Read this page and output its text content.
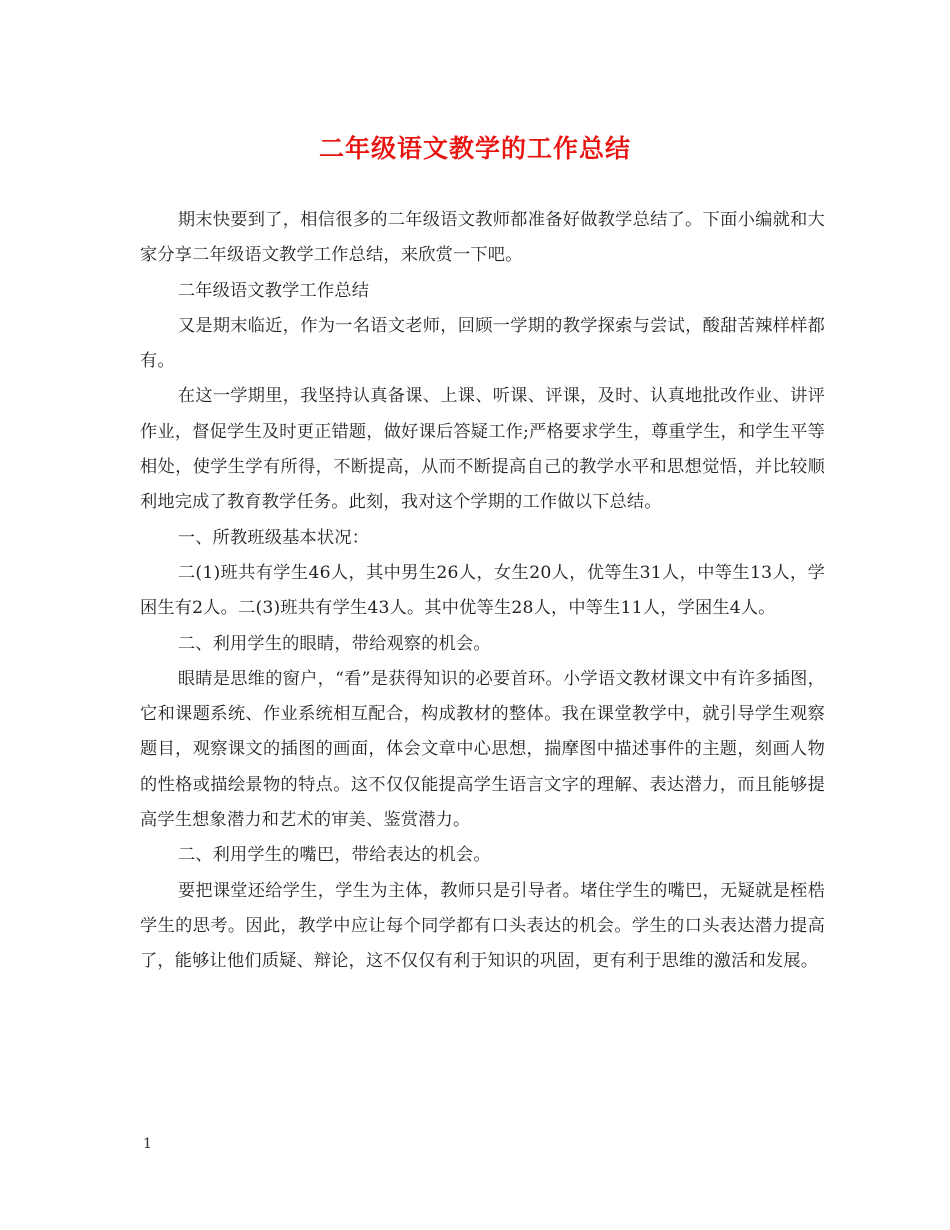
二年级语文教学的工作总结

期末快要到了，相信很多的二年级语文教师都准备好做教学总结了。下面小编就和大家分享二年级语文教学工作总结，来欣赏一下吧。

二年级语文教学工作总结

又是期末临近，作为一名语文老师，回顾一学期的教学探索与尝试，酸甜苦辣样样都有。

在这一学期里，我坚持认真备课、上课、听课、评课，及时、认真地批改作业、讲评作业，督促学生及时更正错题，做好课后答疑工作;严格要求学生，尊重学生，和学生平等相处，使学生学有所得，不断提高，从而不断提高自己的教学水平和思想觉悟，并比较顺利地完成了教育教学任务。此刻，我对这个学期的工作做以下总结。

一、所教班级基本状况：

二(1)班共有学生46人，其中男生26人，女生20人，优等生31人，中等生13人，学困生有2人。二(3)班共有学生43人。其中优等生28人，中等生11人，学困生4人。

二、利用学生的眼睛，带给观察的机会。

眼睛是思维的窗户，“看”是获得知识的必要首环。小学语文教材课文中有许多插图，它和课题系统、作业系统相互配合，构成教材的整体。我在课堂教学中，就引导学生观察题目，观察课文的插图的画面，体会文章中心思想，揣摩图中描述事件的主题，刻画人物的性格或描绘景物的特点。这不仅仅能提高学生语言文字的理解、表达潜力，而且能够提高学生想象潜力和艺术的审美、鉴赏潜力。

二、利用学生的嘴巴，带给表达的机会。

要把课堂还给学生，学生为主体，教师只是引导者。堵住学生的嘴巴，无疑就是桎梏学生的思考。因此，教学中应让每个同学都有口头表达的机会。学生的口头表达潜力提高了，能够让他们质疑、辩论，这不仅仅有利于知识的巩固，更有利于思维的激活和发展。

1
